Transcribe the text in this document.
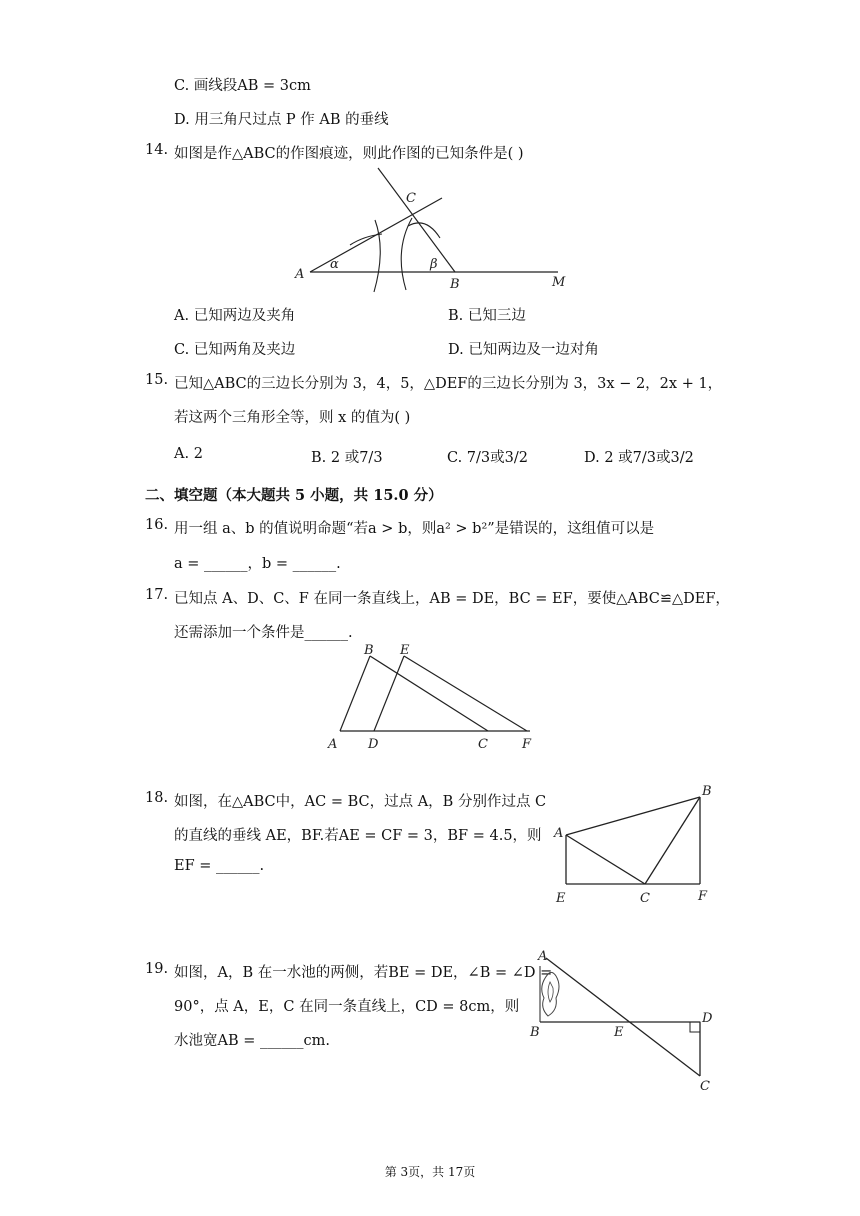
C. 画线段AB = 3cm
D. 用三角尺过点 P 作 AB 的垂线
14. 如图是作△ABC的作图痕迹，则此作图的已知条件是( )
A
B
C
M
α	β
A. 已知两边及夹角	B. 已知三边
C. 已知两角及夹边	D. 已知两边及一边对角
15. 已知△ABC的三边长分别为 3，4，5，△DEF的三边长分别为 3，3x − 2，2x + 1，
若这两个三角形全等，则 x 的值为( )
A. 2	B. 2 或7/3	C. 7/3或3/2	D. 2 或7/3或3/2
二、填空题（本大题共 5 小题，共 15.0 分）
16. 用一组 a、b 的值说明命题“若a > b，则a² > b²”是错误的，这组值可以是
a = ______，b = ______.
17. 已知点 A、D、C、F 在同一条直线上，AB = DE，BC = EF，要使△ABC≌△DEF，
还需添加一个条件是______.
A
B
D
E
C	F
18. 如图，在△ABC中，AC = BC，过点 A，B 分别作过点 C
的直线的垂线 AE，BF.若AE = CF = 3，BF = 4.5，则
EF = ______.
A
B
C
E	F
19. 如图，A，B 在一水池的两侧，若BE = DE，∠B = ∠D =
90°，点 A，E，C 在同一条直线上，CD = 8cm，则
水池宽AB = ______cm.
A
B	E
D
C
第 3页，共 17页
